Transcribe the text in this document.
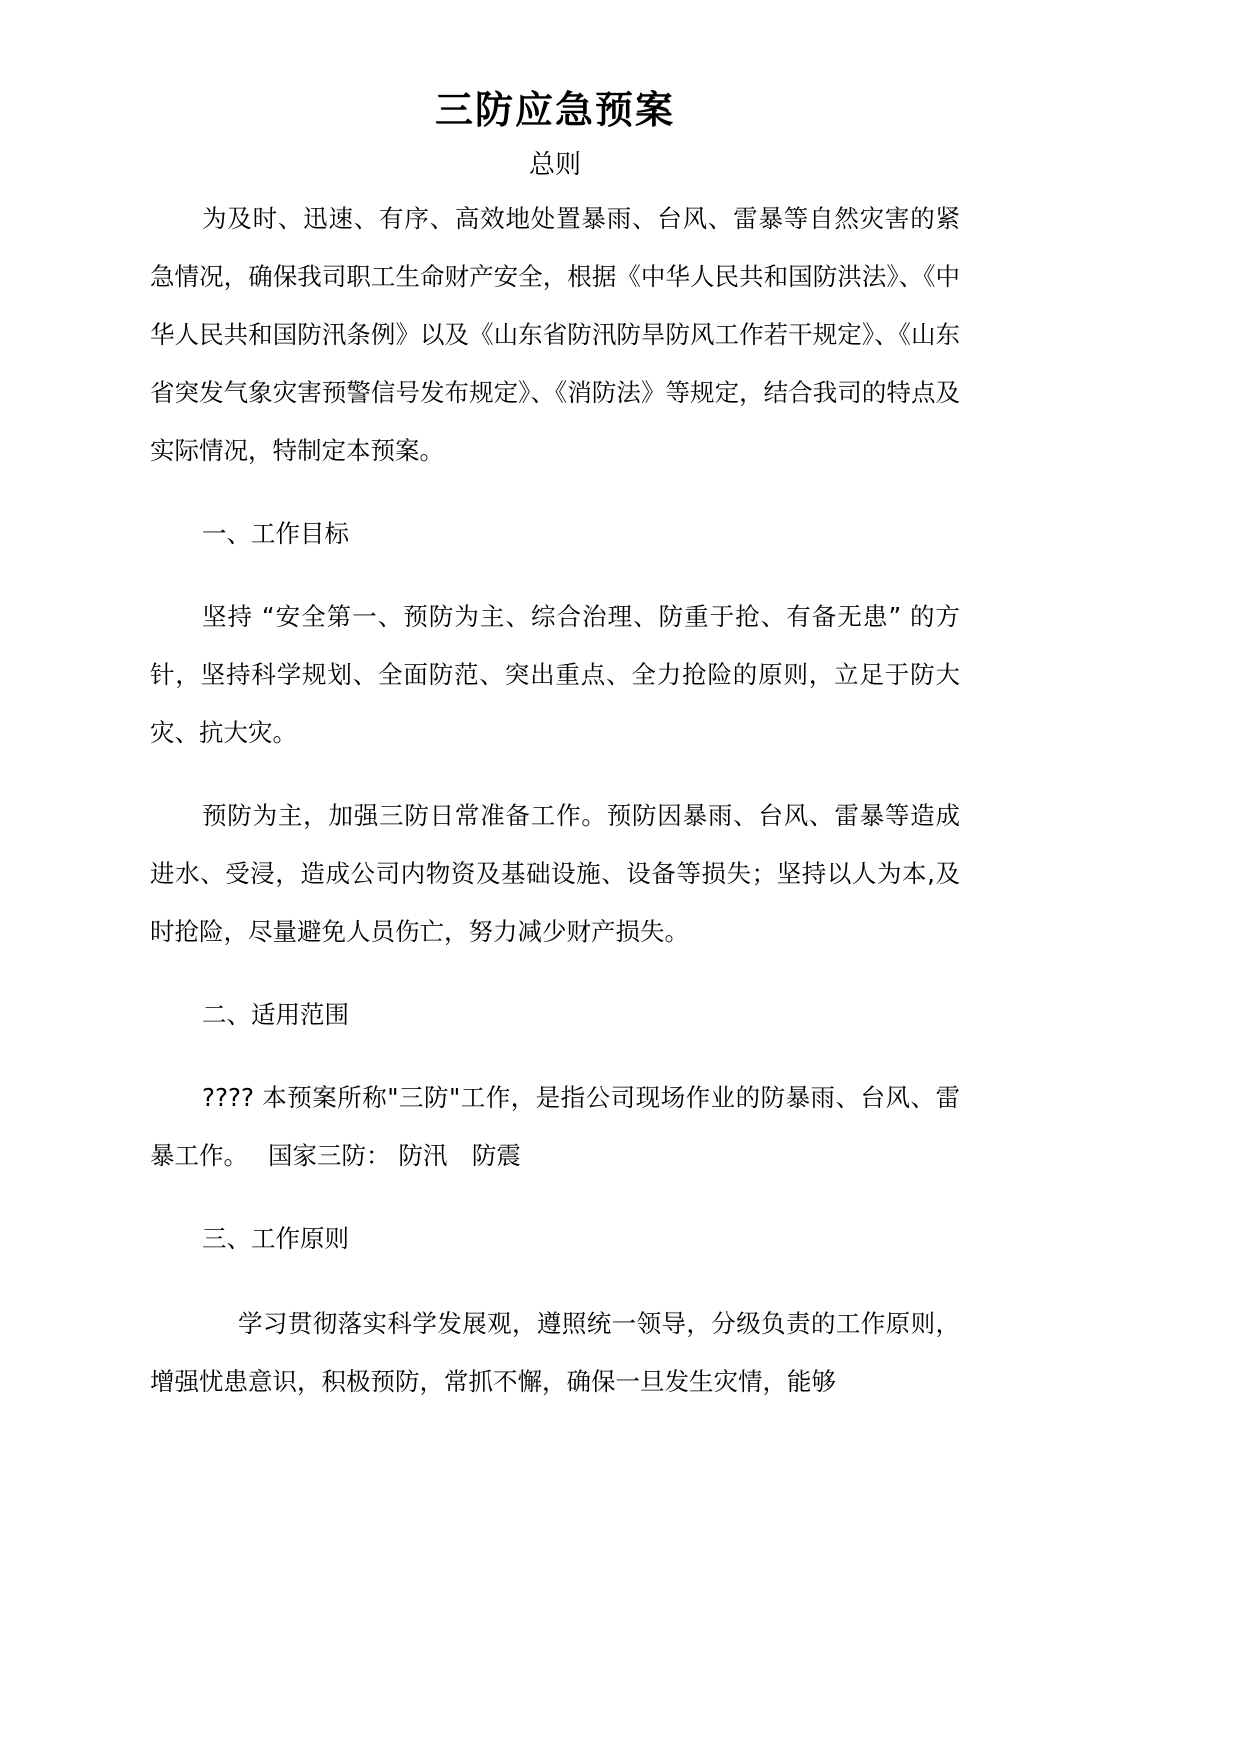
三防应急预案
总则

为及时、迅速、有序、高效地处置暴雨、台风、雷暴等自然灾害的紧急情况，确保我司职工生命财产安全，根据《中华人民共和国防洪法》、《中华人民共和国防汛条例》以及《山东省防汛防旱防风工作若干规定》、《山东省突发气象灾害预警信号发布规定》、《消防法》等规定，结合我司的特点及实际情况，特制定本预案。

一、工作目标

坚持 “安全第一、预防为主、综合治理、防重于抢、有备无患” 的方针，坚持科学规划、全面防范、突出重点、全力抢险的原则，立足于防大灾、抗大灾。

预防为主，加强三防日常准备工作。预防因暴雨、台风、雷暴等造成进水、受浸，造成公司内物资及基础设施、设备等损失；坚持以人为本,及时抢险，尽量避免人员伤亡，努力减少财产损失。

二、适用范围

???? 本预案所称"三防"工作，是指公司现场作业的防暴雨、台风、雷暴工作。　 国家三防： 防汛　防震

三、工作原则

学习贯彻落实科学发展观，遵照统一领导，分级负责的工作原则，增强忧患意识，积极预防，常抓不懈，确保一旦发生灾情，能够
